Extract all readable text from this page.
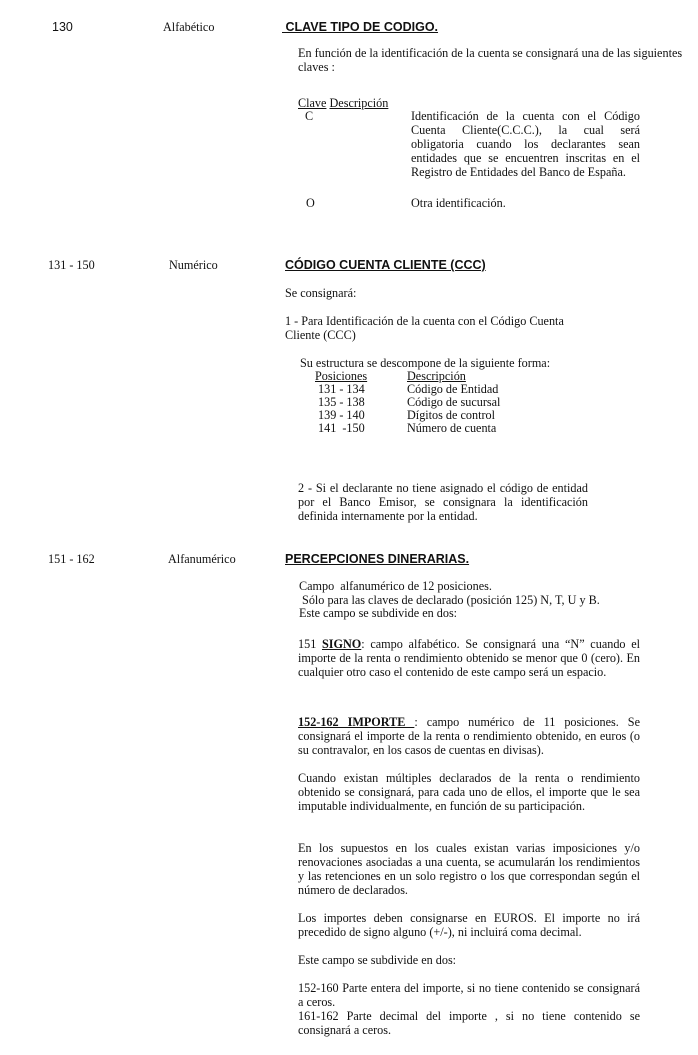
130	Alfabético	CLAVE TIPO DE CODIGO.
En función de la identificación de la cuenta se consignará una de las siguientes claves :
Clave Descripción
C	Identificación de la cuenta con el Código Cuenta Cliente(C.C.C.), la cual será obligatoria cuando los declarantes sean entidades que se encuentren inscritas en el Registro de Entidades del Banco de España.
O	Otra identificación.
131 - 150	Numérico	CÓDIGO CUENTA CLIENTE (CCC)
Se consignará:
1 - Para Identificación de la cuenta con el Código Cuenta Cliente (CCC)
Su estructura se descompone de la siguiente forma:
Posiciones	Descripción
131 - 134	Código de Entidad
135 - 138	Código de sucursal
139 - 140	Dígitos de control
141  -150	Número de cuenta
2 - Si el declarante no tiene asignado el código de entidad por el Banco Emisor, se consignara la identificación definida internamente por la entidad.
151 - 162	Alfanumérico	PERCEPCIONES DINERARIAS.
Campo  alfanumérico de 12 posiciones.
Sólo para las claves de declarado (posición 125) N, T, U y B.
Este campo se subdivide en dos:
151 SIGNO: campo alfabético. Se consignará una “N” cuando el importe de la renta o rendimiento obtenido se menor que 0 (cero). En cualquier otro caso el contenido de este campo será un espacio.
152-162 IMPORTE : campo numérico de 11 posiciones. Se consignará el importe de la renta o rendimiento obtenido, en euros (o su contravalor, en los casos de cuentas en divisas).
Cuando existan múltiples declarados de la renta o rendimiento obtenido se consignará, para cada uno de ellos, el importe que le sea imputable individualmente, en función de su participación.
En los supuestos en los cuales existan varias imposiciones y/o renovaciones asociadas a una cuenta, se acumularán los rendimientos y las retenciones en un solo registro o los que correspondan según el número de declarados.
Los importes deben consignarse en EUROS. El importe no irá precedido de signo alguno (+/-), ni incluirá coma decimal.
Este campo se subdivide en dos:
152-160 Parte entera del importe, si no tiene contenido se consignará a ceros.
161-162 Parte decimal del importe , si no tiene contenido se consignará a ceros.
